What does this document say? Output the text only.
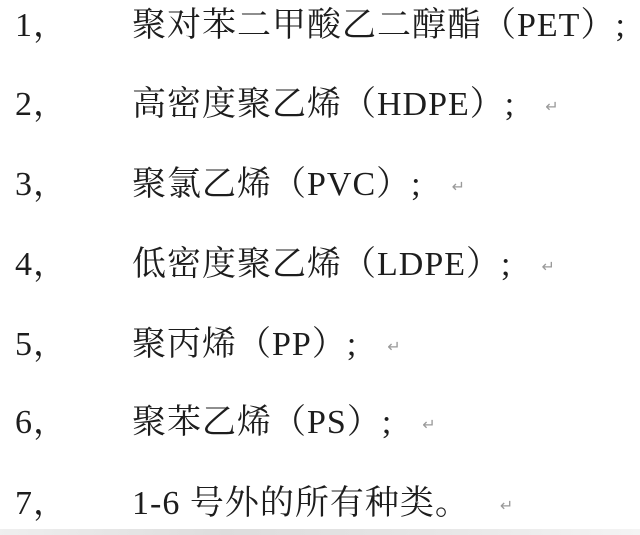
1， 聚对苯二甲酸乙二醇酯（PET）;
2， 高密度聚乙烯（HDPE）; ↵
3， 聚氯乙烯（PVC）; ↵
4， 低密度聚乙烯（LDPE）; ↵
5， 聚丙烯（PP）; ↵
6， 聚苯乙烯（PS）; ↵
7， 1-6 号外的所有种类。 ↵
